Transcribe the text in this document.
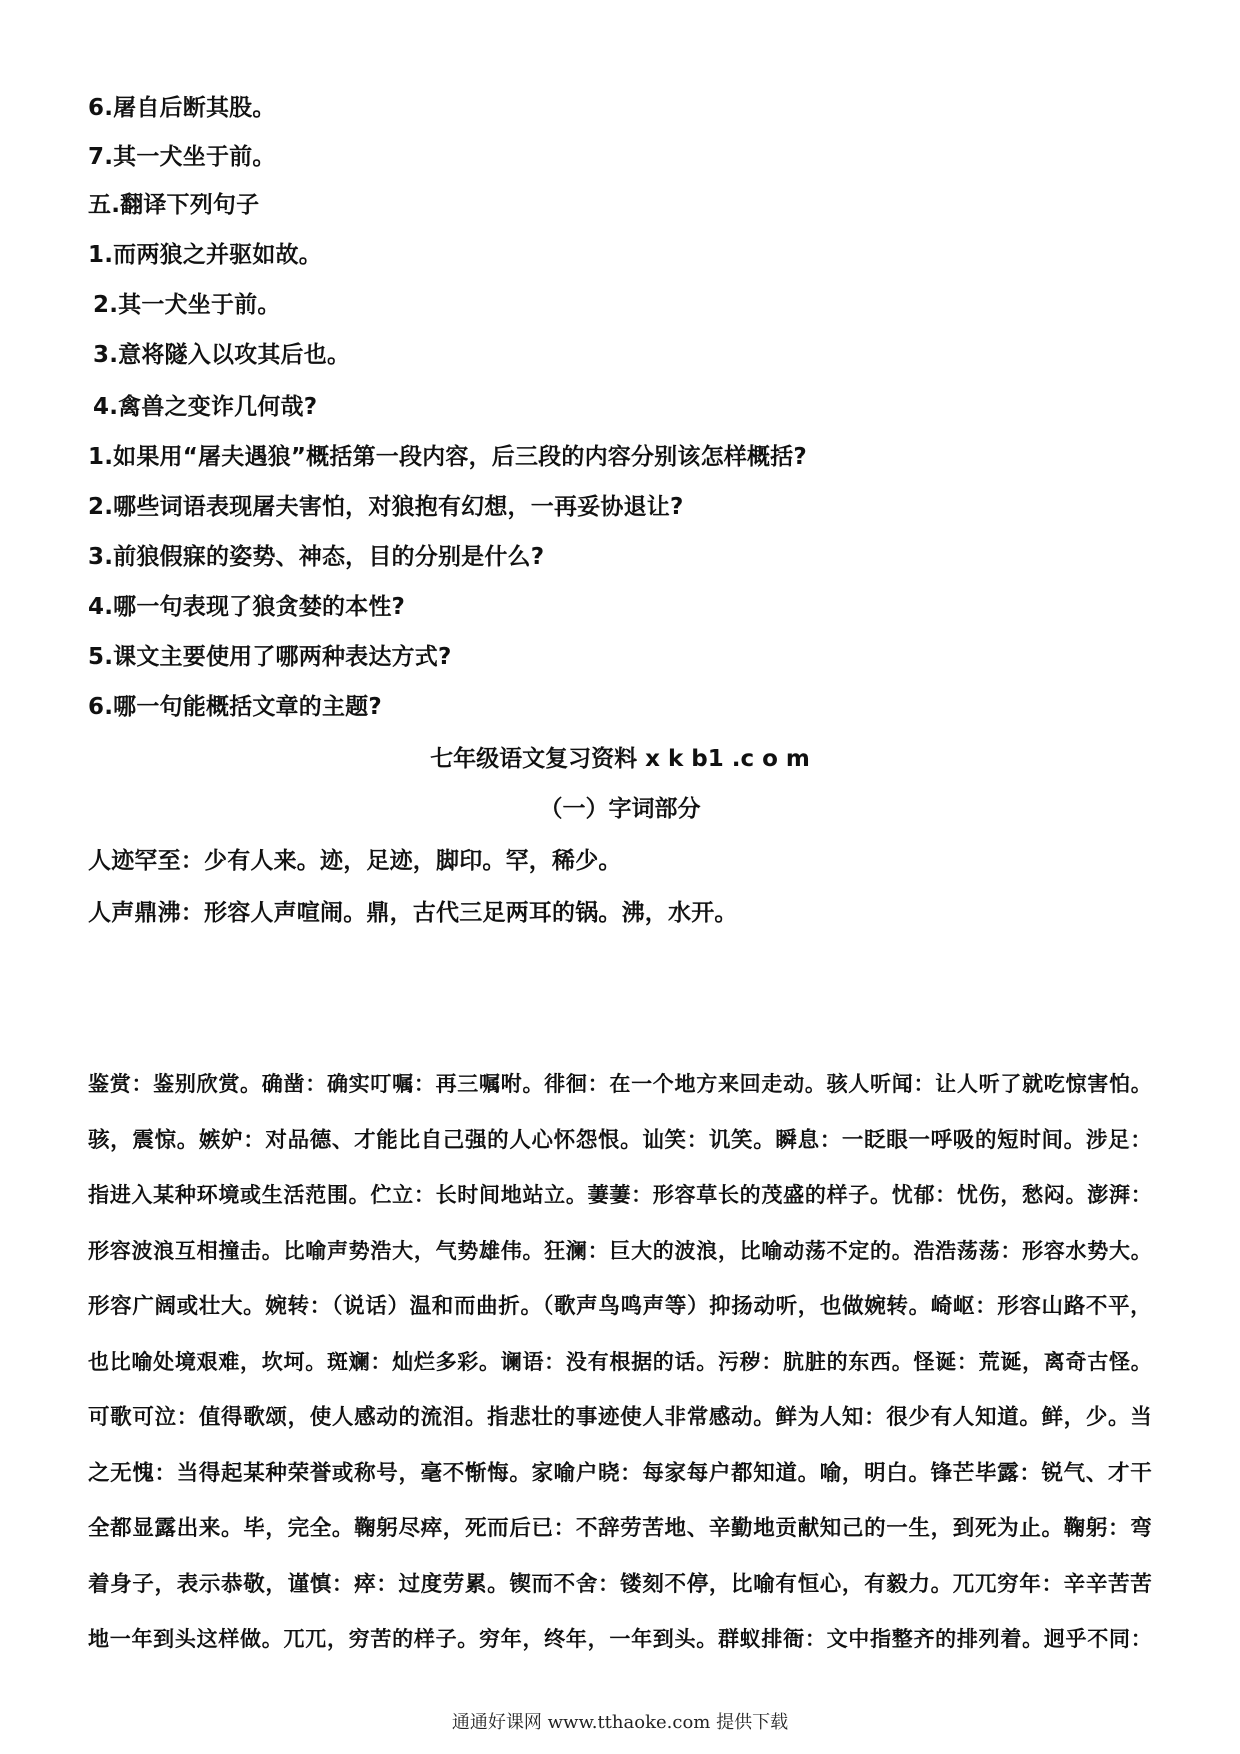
6.屠自后断其股。
7.其一犬坐于前。
五.翻译下列句子
1.而两狼之并驱如故。
2.其一犬坐于前。
3.意将隧入以攻其后也。
4.禽兽之变诈几何哉?
1.如果用“屠夫遇狼”概括第一段内容，后三段的内容分别该怎样概括?
2.哪些词语表现屠夫害怕，对狼抱有幻想，一再妥协退让?
3.前狼假寐的姿势、神态，目的分别是什么?
4.哪一句表现了狼贪婪的本性?
5.课文主要使用了哪两种表达方式?
6.哪一句能概括文章的主题?
七年级语文复习资料 x k b1 .c o m
（一）字词部分
人迹罕至：少有人来。迹，足迹，脚印。罕，稀少。
人声鼎沸：形容人声喧闹。鼎，古代三足两耳的锅。沸，水开。
鉴赏：鉴别欣赏。确凿：确实叮嘱：再三嘱咐。徘徊：在一个地方来回走动。骇人听闻：让人听了就吃惊害怕。
骇，震惊。嫉妒：对品德、才能比自己强的人心怀怨恨。讪笑：讥笑。瞬息：一眨眼一呼吸的短时间。涉足：
指进入某种环境或生活范围。伫立：长时间地站立。萋萋：形容草长的茂盛的样子。忧郁：忧伤，愁闷。澎湃：
形容波浪互相撞击。比喻声势浩大，气势雄伟。狂澜：巨大的波浪，比喻动荡不定的。浩浩荡荡：形容水势大。
形容广阔或壮大。婉转：（说话）温和而曲折。（歌声鸟鸣声等）抑扬动听，也做婉转。崎岖：形容山路不平，
也比喻处境艰难，坎坷。斑斓：灿烂多彩。谰语：没有根据的话。污秽：肮脏的东西。怪诞：荒诞，离奇古怪。
可歌可泣：值得歌颂，使人感动的流泪。指悲壮的事迹使人非常感动。鲜为人知：很少有人知道。鲜，少。当
之无愧：当得起某种荣誉或称号，毫不惭悔。家喻户晓：每家每户都知道。喻，明白。锋芒毕露：锐气、才干
全都显露出来。毕，完全。鞠躬尽瘁，死而后已：不辞劳苦地、辛勤地贡献知己的一生，到死为止。鞠躬：弯
着身子，表示恭敬，谨慎：瘁：过度劳累。锲而不舍：镂刻不停，比喻有恒心，有毅力。兀兀穷年：辛辛苦苦
地一年到头这样做。兀兀，穷苦的样子。穷年，终年，一年到头。群蚁排衙：文中指整齐的排列着。迥乎不同：
通通好课网 www.tthaoke.com 提供下载
